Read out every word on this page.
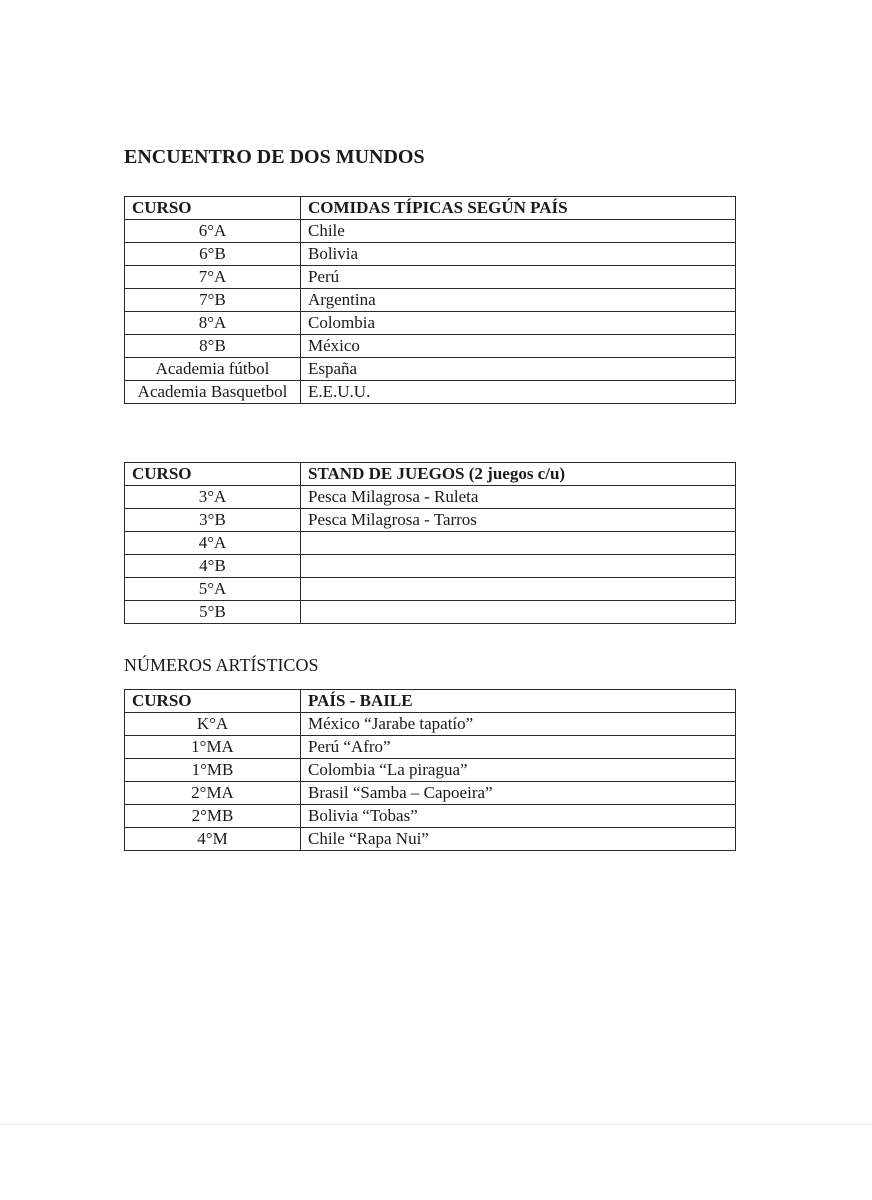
ENCUENTRO DE DOS MUNDOS
CURSO	COMIDAS TÍPICAS SEGÚN PAÍS
6°A	Chile
6°B	Bolivia
7°A	Perú
7°B	Argentina
8°A	Colombia
8°B	México
Academia fútbol	España
Academia Basquetbol	E.E.U.U.
CURSO	STAND DE JUEGOS (2 juegos c/u)
3°A	Pesca Milagrosa - Ruleta
3°B	Pesca Milagrosa - Tarros
4°A	
4°B	
5°A	
5°B	
NÚMEROS ARTÍSTICOS
CURSO	PAÍS - BAILE
K°A	México “Jarabe tapatío”
1°MA	Perú “Afro”
1°MB	Colombia “La piragua”
2°MA	Brasil “Samba – Capoeira”
2°MB	Bolivia “Tobas”
4°M	Chile “Rapa Nui”
